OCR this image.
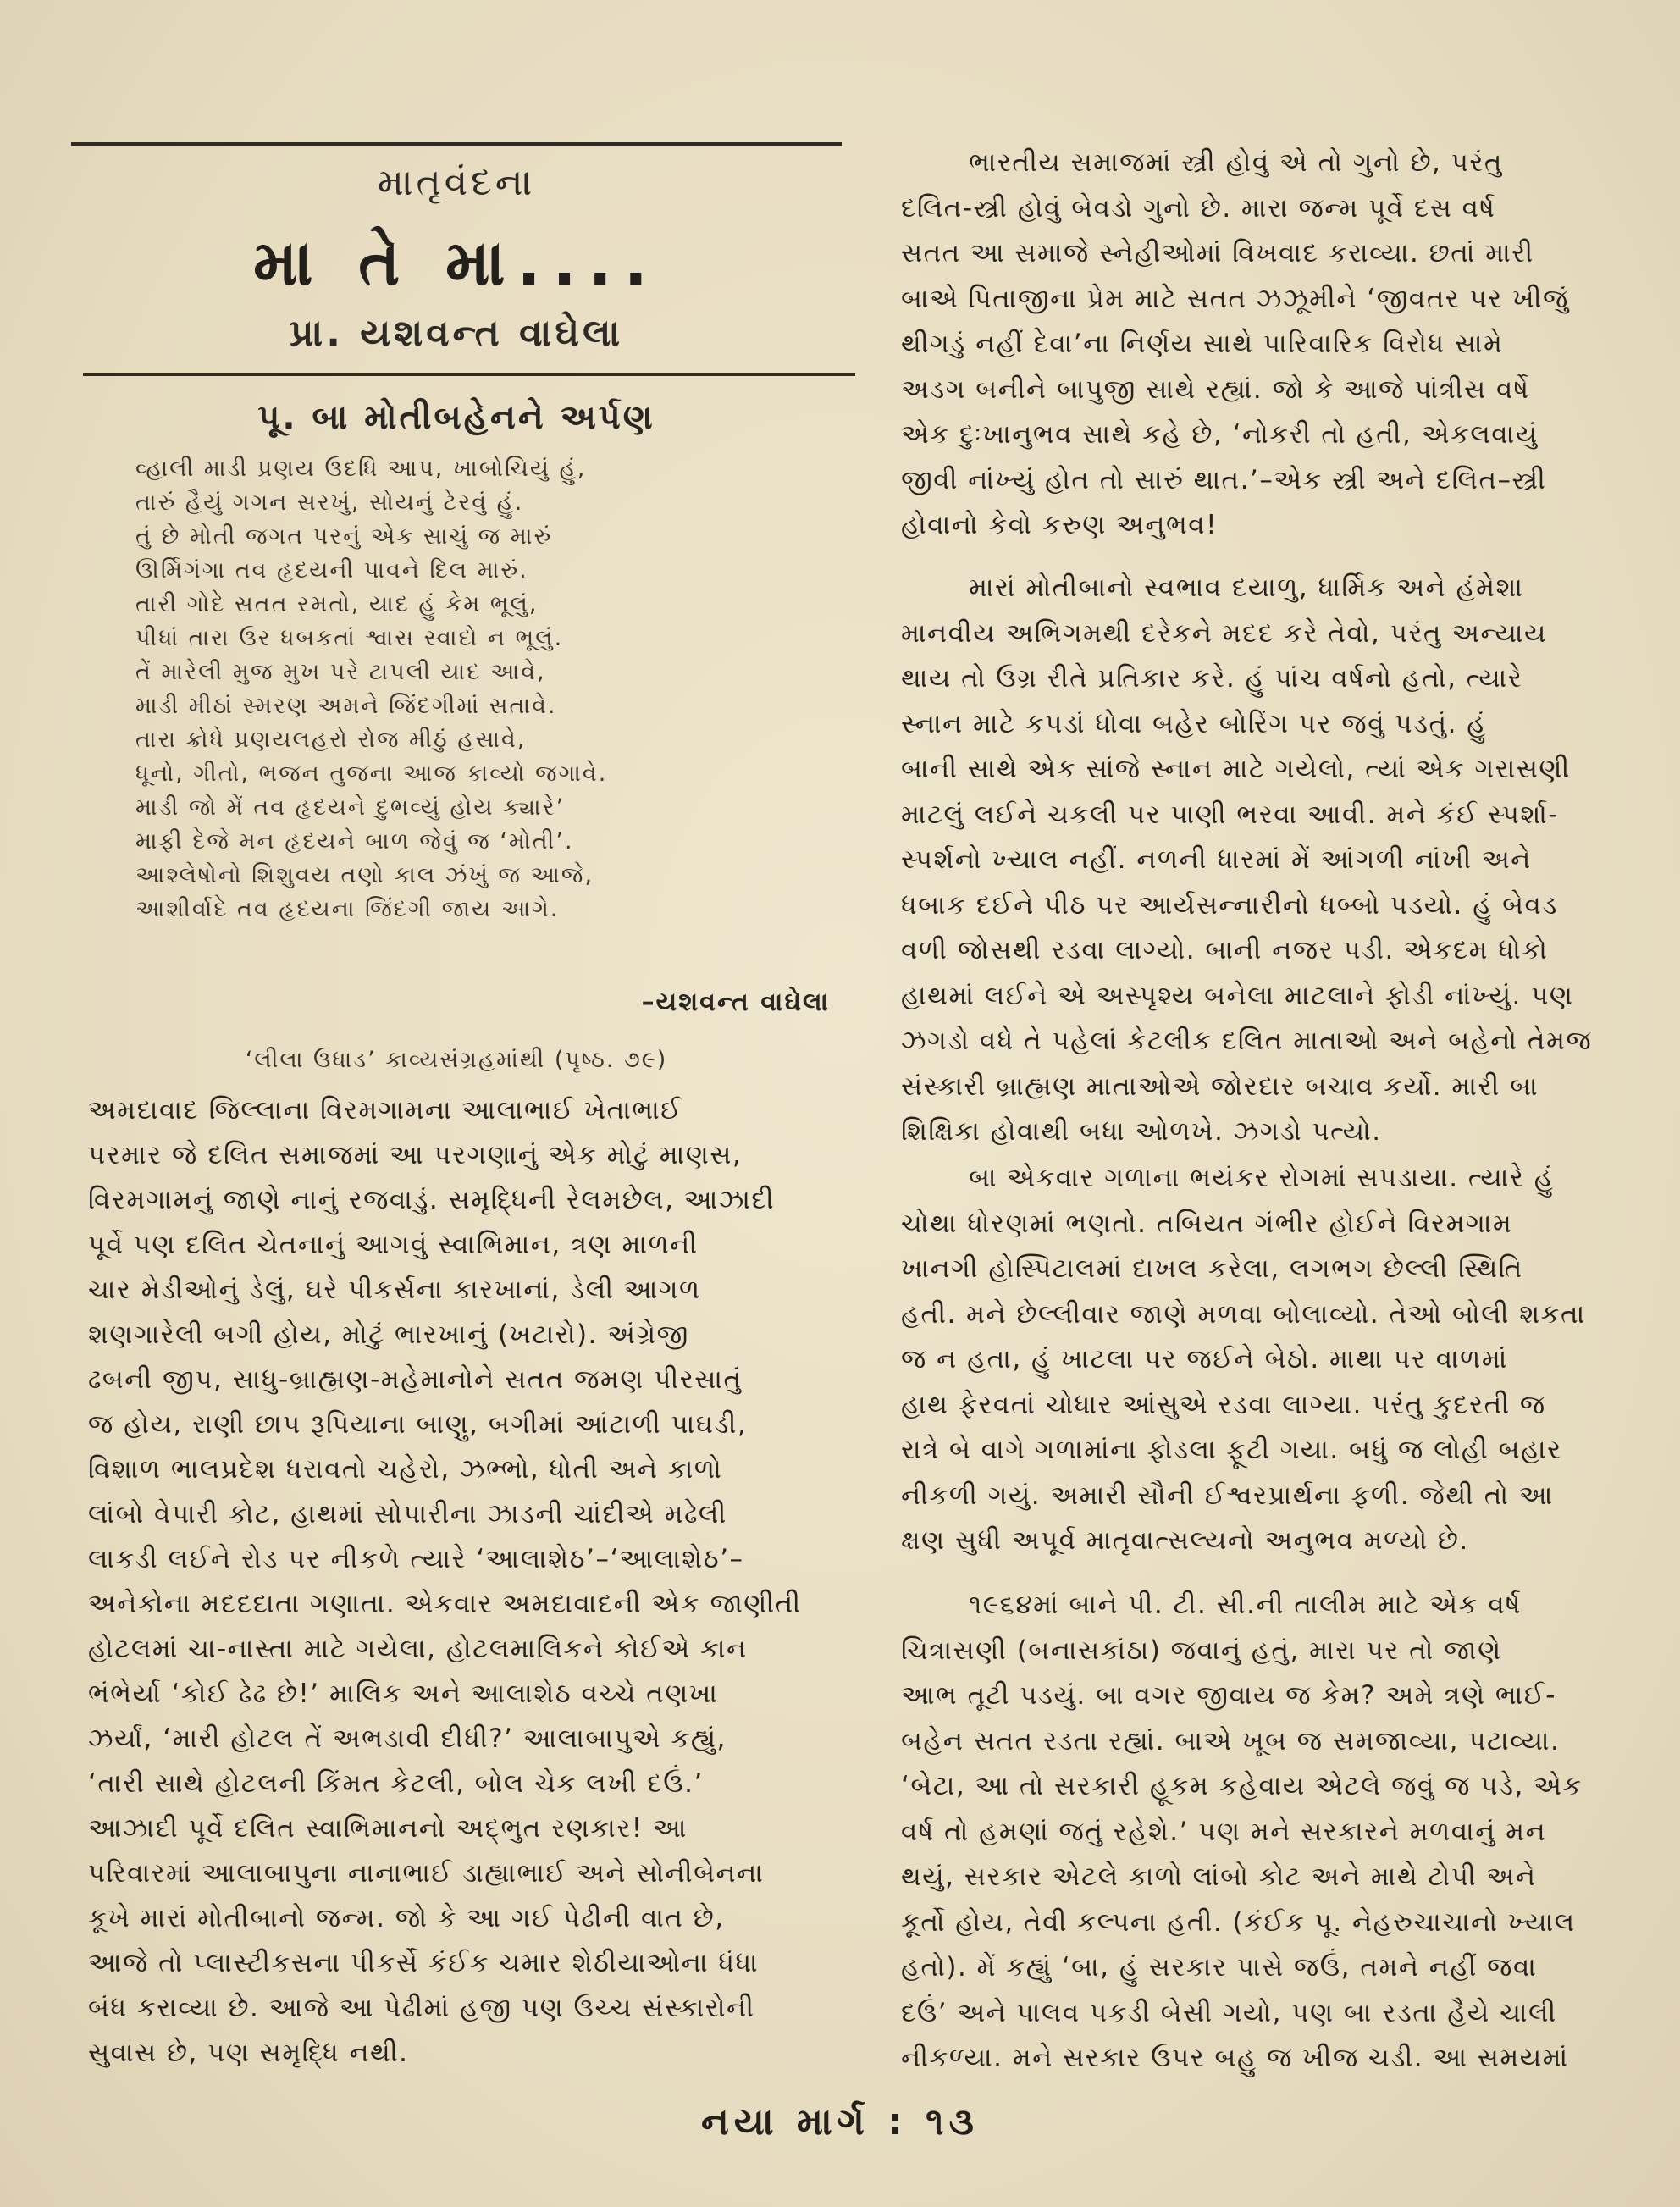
માતૃવંદના
મા તે મા....
પ્રા. યશવન્ત વાઘેલા
પૂ. બા મોતીબહેનને અર્પણ
વ્હાલી માડી પ્રણય ઉદધિ આપ, ખાબોચિયું હું,
તારું હૈયું ગગન સરખું, સોયનું ટેરવું હું.
તું છે મોતી જગત પરનું એક સાચું જ મારું
ઊર્મિગંગા તવ હૃદયની પાવને દિલ મારું.
તારી ગોદે સતત રમતો, યાદ હું કેમ ભૂલું,
પીધાં તારા ઉર ધબકતાં શ્વાસ સ્વાદો ન ભૂલું.
તેં મારેલી મુજ મુખ પરે ટાપલી યાદ આવે,
માડી મીઠાં સ્મરણ અમને જિંદગીમાં સતાવે.
તારા ક્રોધે પ્રણયલહરો રોજ મીઠું હસાવે,
ધૂનો, ગીતો, ભજન તુજના આજ કાવ્યો જગાવે.
માડી જો મેં તવ હૃદયને દુભવ્યું હોય ક્યારે’
માફી દેજે મન હૃદયને બાળ જેવું જ ‘મોતી’.
આશ્લેષોનો શિશુવય તણો કાલ ઝંખું જ આજે,
આશીર્વાદે તવ હૃદયના જિંદગી જાય આગે.
–યશવન્ત વાઘેલા
‘લીલા ઉધાડ’ કાવ્યસંગ્રહમાંથી (પૃષ્ઠ. ૭૯)
અમદાવાદ જિલ્લાના વિરમગામના આલાભાઈ ખેતાભાઈ
પરમાર જે દલિત સમાજમાં આ પરગણાનું એક મોટું માણસ,
વિરમગામનું જાણે નાનું રજવાડું. સમૃદ્ધિની રેલમછેલ, આઝાદી
પૂર્વે પણ દલિત ચેતનાનું આગવું સ્વાભિમાન, ત્રણ માળની
ચાર મેડીઓનું ડેલું, ઘરે પીકર્સના કારખાનાં, ડેલી આગળ
શણગારેલી બગી હોય, મોટું ભારખાનું (ખટારો). અંગ્રેજી
ઢબની જીપ, સાધુ-બ્રાહ્મણ-મહેમાનોને સતત જમણ પીરસાતું
જ હોય, રાણી છાપ રૂપિયાના બાણુ, બગીમાં આંટાળી પાઘડી,
વિશાળ ભાલપ્રદેશ ધરાવતો ચહેરો, ઝભ્ભો, ધોતી અને કાળો
લાંબો વેપારી કોટ, હાથમાં સોપારીના ઝાડની ચાંદીએ મઢેલી
લાકડી લઈને રોડ પર નીકળે ત્યારે ‘આલાશેઠ’–‘આલાશેઠ’–
અનેકોના મદદદાતા ગણાતા. એકવાર અમદાવાદની એક જાણીતી
હોટલમાં ચા-નાસ્તા માટે ગયેલા, હોટલમાલિકને કોઈએ કાન
ભંભેર્યા ‘કોઈ ઢેઢ છે!’ માલિક અને આલાશેઠ વચ્ચે તણખા
ઝર્યાં, ‘મારી હોટલ તેં અભડાવી દીધી?’ આલાબાપુએ કહ્યું,
‘તારી સાથે હોટલની કિંમત કેટલી, બોલ ચેક લખી દઉં.’
આઝાદી પૂર્વે દલિત સ્વાભિમાનનો અદ્ભુત રણકાર! આ
પરિવારમાં આલાબાપુના નાનાભાઈ ડાહ્યાભાઈ અને સોનીબેનના
કૂખે મારાં મોતીબાનો જન્મ. જો કે આ ગઈ પેઢીની વાત છે,
આજે તો પ્લાસ્ટીકસના પીકર્સે કંઈક ચમાર શેઠીયાઓના ધંધા
બંધ કરાવ્યા છે. આજે આ પેઢીમાં હજી પણ ઉચ્ચ સંસ્કારોની
સુવાસ છે, પણ સમૃદ્ધિ નથી.
ભારતીય સમાજમાં સ્ત્રી હોવું એ તો ગુનો છે, પરંતુ
દલિત-સ્ત્રી હોવું બેવડો ગુનો છે. મારા જન્મ પૂર્વે દસ વર્ષ
સતત આ સમાજે સ્નેહીઓમાં વિખવાદ કરાવ્યા. છતાં મારી
બાએ પિતાજીના પ્રેમ માટે સતત ઝઝૂમીને ‘જીવતર પર ખીજું
થીગડું નહીં દેવા’ના નિર્ણય સાથે પારિવારિક વિરોધ સામે
અડગ બનીને બાપુજી સાથે રહ્યાં. જો કે આજે પાંત્રીસ વર્ષે
એક દુઃખાનુભવ સાથે કહે છે, ‘નોકરી તો હતી, એકલવાયું
જીવી નાંખ્યું હોત તો સારું થાત.’–એક સ્ત્રી અને દલિત–સ્ત્રી
હોવાનો કેવો કરુણ અનુભવ!
મારાં મોતીબાનો સ્વભાવ દયાળુ, ધાર્મિક અને હંમેશા
માનવીય અભિગમથી દરેકને મદદ કરે તેવો, પરંતુ અન્યાય
થાય તો ઉગ્ર રીતે પ્રતિકાર કરે. હું પાંચ વર્ષનો હતો, ત્યારે
સ્નાન માટે કપડાં ધોવા બહેર બોરિંગ પર જવું પડતું. હું
બાની સાથે એક સાંજે સ્નાન માટે ગયેલો, ત્યાં એક ગરાસણી
માટલું લઈને ચકલી પર પાણી ભરવા આવી. મને કંઈ સ્પર્શા-
સ્પર્શનો ખ્યાલ નહીં. નળની ધારમાં મેં આંગળી નાંખી અને
ધબાક દઈને પીઠ પર આર્યસન્નારીનો ધબ્બો પડયો. હું બેવડ
વળી જોસથી રડવા લાગ્યો. બાની નજર પડી. એકદમ ધોકો
હાથમાં લઈને એ અસ્પૃશ્ય બનેલા માટલાને ફોડી નાંખ્યું. પણ
ઝગડો વધે તે પહેલાં કેટલીક દલિત માતાઓ અને બહેનો તેમજ
સંસ્કારી બ્રાહ્મણ માતાઓએ જોરદાર બચાવ કર્યો. મારી બા
શિક્ષિકા હોવાથી બધા ઓળખે. ઝગડો પત્યો.
બા એકવાર ગળાના ભયંકર રોગમાં સપડાયા. ત્યારે હું
ચોથા ધોરણમાં ભણતો. તબિયત ગંભીર હોઈને વિરમગામ
ખાનગી હોસ્પિટાલમાં દાખલ કરેલા, લગભગ છેલ્લી સ્થિતિ
હતી. મને છેલ્લીવાર જાણે મળવા બોલાવ્યો. તેઓ બોલી શકતા
જ ન હતા, હું ખાટલા પર જઈને બેઠો. માથા પર વાળમાં
હાથ ફેરવતાં ચોધાર આંસુએ રડવા લાગ્યા. પરંતુ કુદરતી જ
રાત્રે બે વાગે ગળામાંના ફોડલા ફૂટી ગયા. બધું જ લોહી બહાર
નીકળી ગયું. અમારી સૌની ઈશ્વરપ્રાર્થના ફળી. જેથી તો આ
ક્ષણ સુધી અપૂર્વ માતૃવાત્સલ્યનો અનુભવ મળ્યો છે.
૧૯૬૪માં બાને પી. ટી. સી.ની તાલીમ માટે એક વર્ષ
ચિત્રાસણી (બનાસકાંઠા) જવાનું હતું, મારા પર તો જાણે
આભ તૂટી પડયું. બા વગર જીવાય જ કેમ? અમે ત્રણે ભાઈ-
બહેન સતત રડતા રહ્યાં. બાએ ખૂબ જ સમજાવ્યા, પટાવ્યા.
‘બેટા, આ તો સરકારી હૂકમ કહેવાય એટલે જવું જ પડે, એક
વર્ષ તો હમણાં જતું રહેશે.’ પણ મને સરકારને મળવાનું મન
થયું, સરકાર એટલે કાળો લાંબો કોટ અને માથે ટોપી અને
કૂર્તો હોય, તેવી કલ્પના હતી. (કંઈક પૂ. નેહરુચાચાનો ખ્યાલ
હતો). મેં કહ્યું ‘બા, હું સરકાર પાસે જઉં, તમને નહીં જવા
દઉં’ અને પાલવ પકડી બેસી ગયો, પણ બા રડતા હૈયે ચાલી
નીકળ્યા. મને સરકાર ઉપર બહુ જ ખીજ ચડી. આ સમયમાં
નયા માર્ગ : ૧૩
